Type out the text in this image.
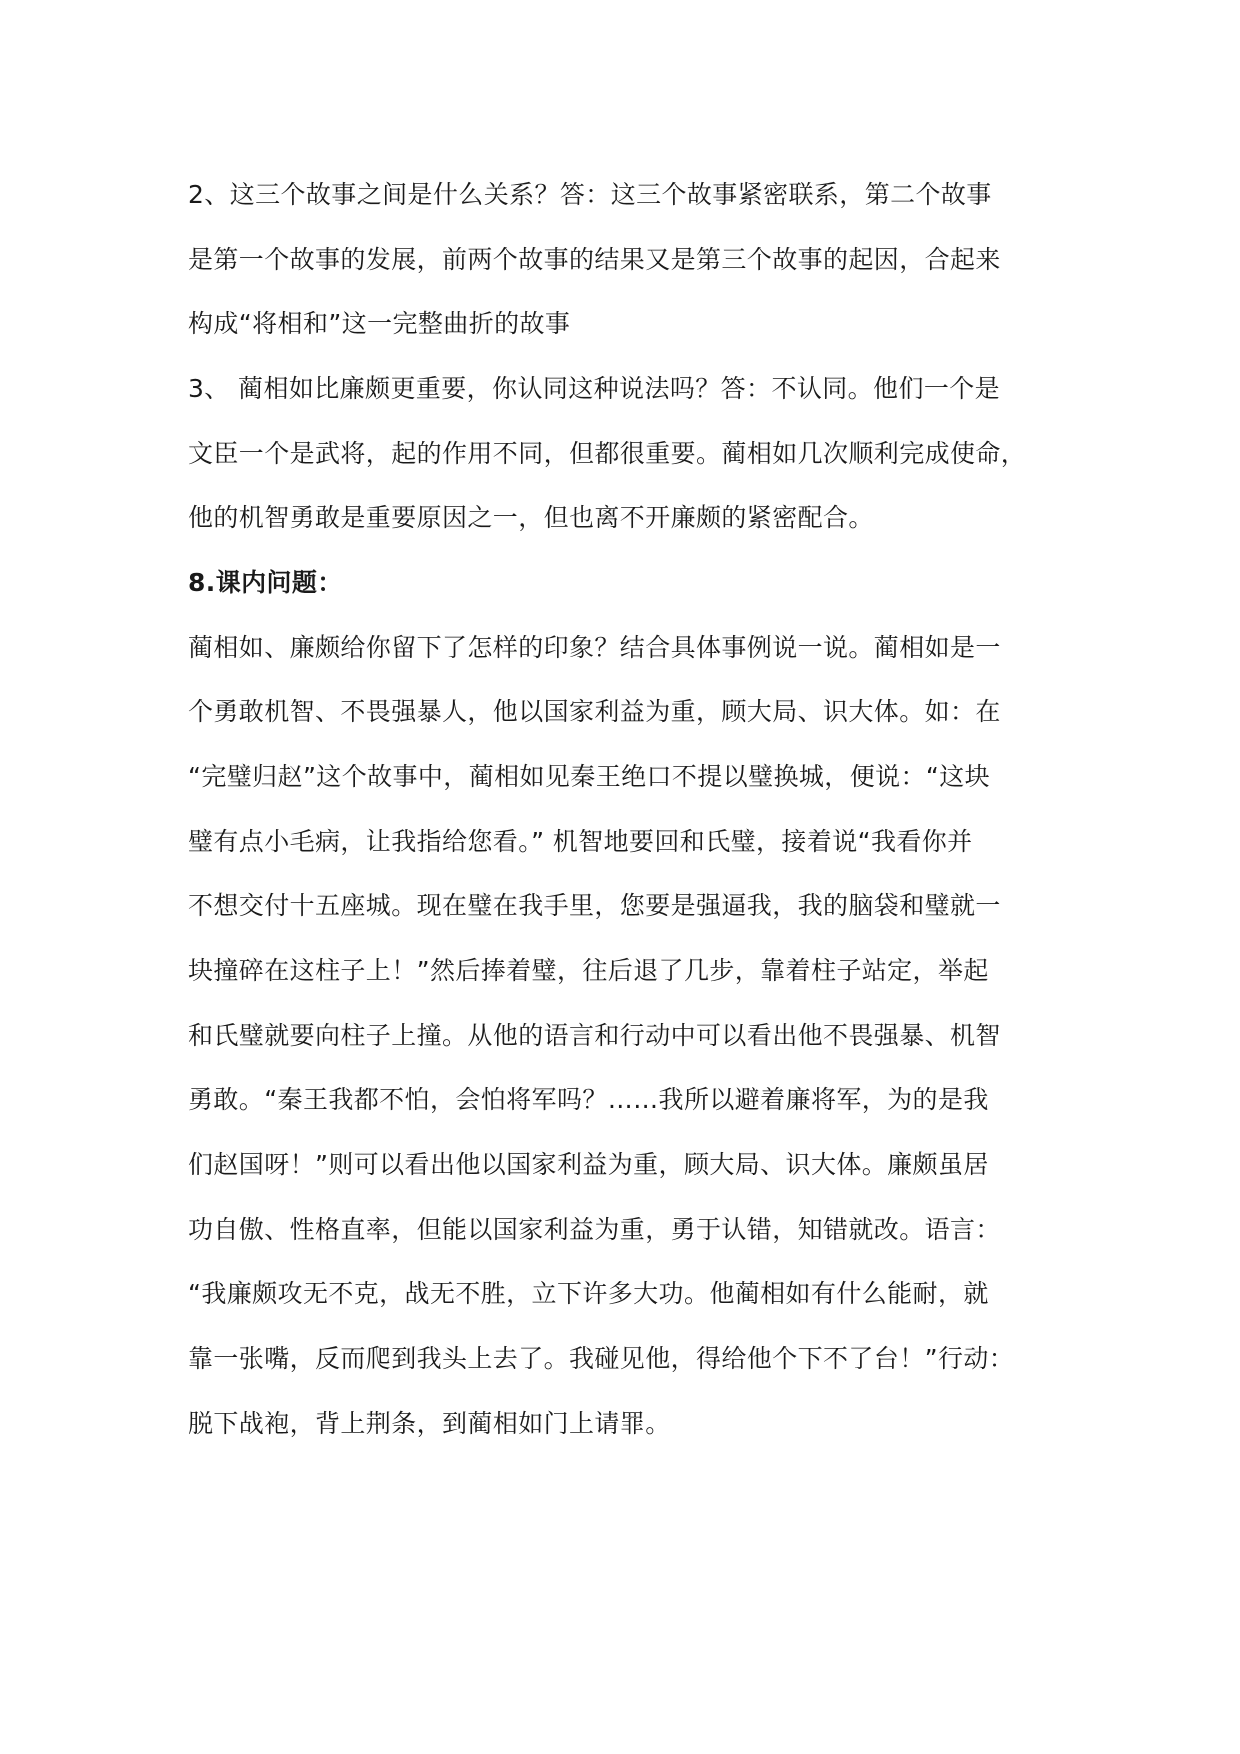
2、这三个故事之间是什么关系？答：这三个故事紧密联系，第二个故事

是第一个故事的发展，前两个故事的结果又是第三个故事的起因，合起来

构成“将相和”这一完整曲折的故事

3、 蔺相如比廉颇更重要，你认同这种说法吗？答：不认同。他们一个是

文臣一个是武将，起的作用不同，但都很重要。蔺相如几次顺利完成使命，

他的机智勇敢是重要原因之一，但也离不开廉颇的紧密配合。

8.课内问题：

蔺相如、廉颇给你留下了怎样的印象？结合具体事例说一说。蔺相如是一

个勇敢机智、不畏强暴人，他以国家利益为重，顾大局、识大体。如：在

“完璧归赵”这个故事中，蔺相如见秦王绝口不提以璧换城，便说：“这块

璧有点小毛病，让我指给您看。” 机智地要回和氏璧，接着说“我看你并

不想交付十五座城。现在璧在我手里，您要是强逼我，我的脑袋和璧就一

块撞碎在这柱子上！”然后捧着璧，往后退了几步，靠着柱子站定，举起

和氏璧就要向柱子上撞。从他的语言和行动中可以看出他不畏强暴、机智

勇敢。“秦王我都不怕，会怕将军吗？……我所以避着廉将军，为的是我

们赵国呀！”则可以看出他以国家利益为重，顾大局、识大体。廉颇虽居

功自傲、性格直率，但能以国家利益为重，勇于认错，知错就改。语言：

“我廉颇攻无不克，战无不胜，立下许多大功。他蔺相如有什么能耐，就

靠一张嘴，反而爬到我头上去了。我碰见他，得给他个下不了台！”行动：

脱下战袍，背上荆条，到蔺相如门上请罪。
